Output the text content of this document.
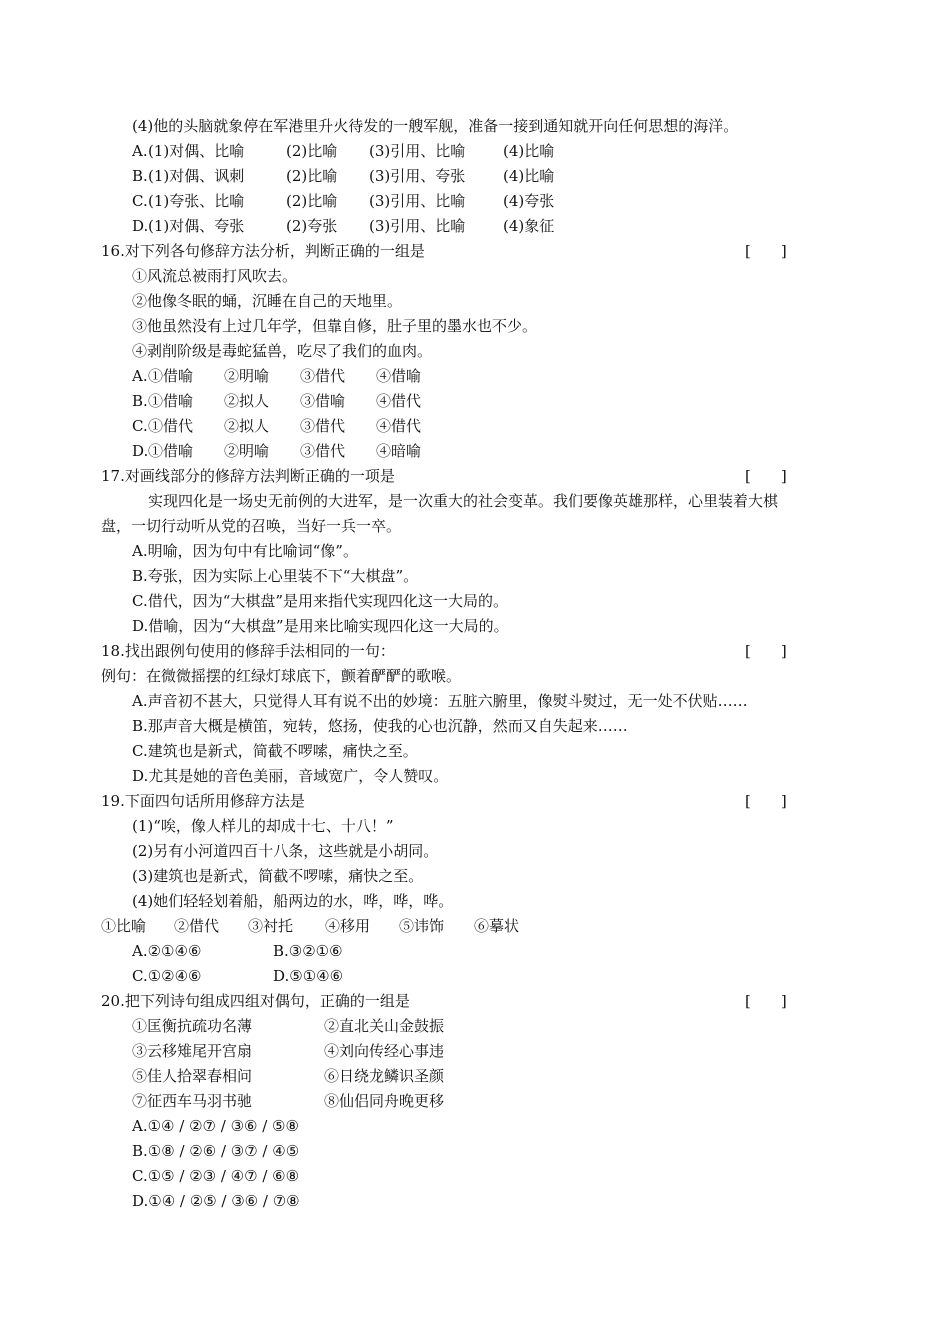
(4)他的头脑就象停在军港里升火待发的一艘军舰，准备一接到通知就开向任何思想的海洋。
A. (1)对偶、比喻	(2)比喻 (3)引用、比喻	(4)比喻
B. (1)对偶、讽刺	(2)比喻 (3)引用、夸张	(4)比喻
C. (1)夸张、比喻	(2)比喻 (3)引用、比喻	(4)夸张
D. (1)对偶、夸张	(2)夸张 (3)引用、比喻	(4)象征
16.对下列各句修辞方法分析，判断正确的一组是	[　　]
①风流总被雨打风吹去。
②他像冬眠的蛹，沉睡在自己的天地里。
③他虽然没有上过几年学，但靠自修，肚子里的墨水也不少。
④剥削阶级是毒蛇猛兽，吃尽了我们的血肉。
A. ①借喻 ②明喻 ③借代 ④借喻
B. ①借喻 ②拟人 ③借喻 ④借代
C. ①借代 ②拟人 ③借代 ④借代
D. ①借喻 ②明喻 ③借代 ④暗喻
17.对画线部分的修辞方法判断正确的一项是	[　　]
实现四化是一场史无前例的大进军，是一次重大的社会变革。我们要像英雄那样，心里装着大棋
盘，一切行动听从党的召唤，当好一兵一卒。
A.明喻，因为句中有比喻词“像”。
B.夸张，因为实际上心里装不下“大棋盘”。
C.借代，因为“大棋盘”是用来指代实现四化这一大局的。
D.借喻，因为“大棋盘”是用来比喻实现四化这一大局的。
18.找出跟例句使用的修辞手法相同的一句：	[　　]
例句：在微微摇摆的红绿灯球底下，颤着酽酽的歌喉。
A.声音初不甚大，只觉得人耳有说不出的妙境：五脏六腑里，像熨斗熨过，无一处不伏贴……
B.那声音大概是横笛，宛转，悠扬，使我的心也沉静，然而又自失起来……
C.建筑也是新式，简截不啰嗦，痛快之至。
D.尤其是她的音色美丽，音域宽广，令人赞叹。
19.下面四句话所用修辞方法是	[　　]
(1)“唉，像人样儿的却成十七、十八！”
(2)另有小河道四百十八条，这些就是小胡同。
(3)建筑也是新式，简截不啰嗦，痛快之至。
(4)她们轻轻划着船，船两边的水，哗，哗，哗。
①比喻 ②借代 ③衬托 ④移用 ⑤讳饰 ⑥摹状
A.②①④⑥	B.③②①⑥
C.①②④⑥	D.⑤①④⑥
20.把下列诗句组成四组对偶句，正确的一组是	[　　]
①匡衡抗疏功名薄	②直北关山金鼓振
③云移雉尾开宫扇	④刘向传经心事违
⑤佳人拾翠春相问	⑥日绕龙鳞识圣颜
⑦征西车马羽书驰	⑧仙侣同舟晚更移
A.①④ / ②⑦ / ③⑥ / ⑤⑧
B.①⑧ / ②⑥ / ③⑦ / ④⑤
C.①⑤ / ②③ / ④⑦ / ⑥⑧
D.①④ / ②⑤ / ③⑥ / ⑦⑧
